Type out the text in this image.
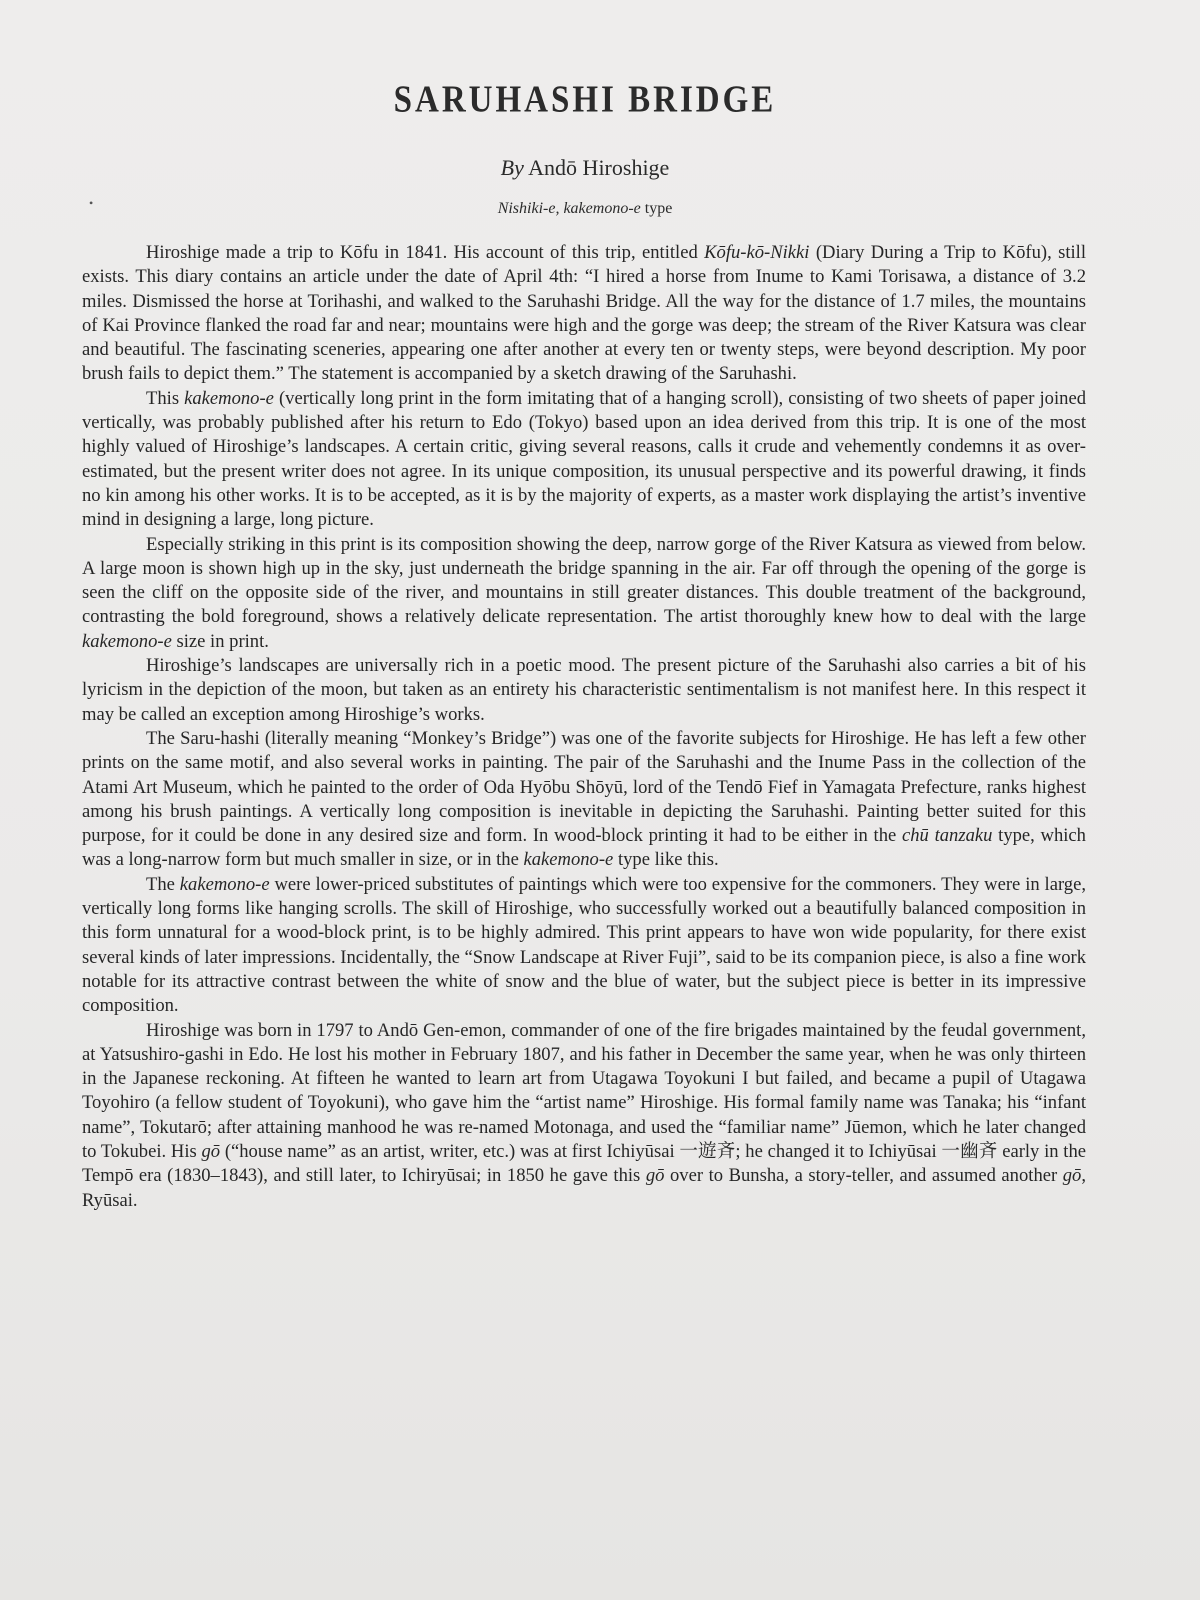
SARUHASHI BRIDGE
By Andō Hiroshige
•	Nishiki-e, kakemono-e type

Hiroshige made a trip to Kōfu in 1841. His account of this trip, entitled Kōfu-kō-Nikki (Diary During a Trip to Kōfu), still exists. This diary contains an article under the date of April 4th: “I hired a horse from Inume to Kami Torisawa, a distance of 3.2 miles. Dismissed the horse at Torihashi, and walked to the Saruhashi Bridge. All the way for the distance of 1.7 miles, the mountains of Kai Province flanked the road far and near; mountains were high and the gorge was deep; the stream of the River Katsura was clear and beautiful. The fascinating sceneries, appearing one after another at every ten or twenty steps, were beyond description. My poor brush fails to depict them.” The statement is accompanied by a sketch drawing of the Saruhashi.

This kakemono-e (vertically long print in the form imitating that of a hanging scroll), consisting of two sheets of paper joined vertically, was probably published after his return to Edo (Tokyo) based upon an idea derived from this trip. It is one of the most highly valued of Hiroshige’s landscapes. A certain critic, giving several reasons, calls it crude and vehemently condemns it as over-estimated, but the present writer does not agree. In its unique composition, its unusual perspective and its powerful drawing, it finds no kin among his other works. It is to be accepted, as it is by the majority of experts, as a master work displaying the artist’s inventive mind in designing a large, long picture.

Especially striking in this print is its composition showing the deep, narrow gorge of the River Katsura as viewed from below. A large moon is shown high up in the sky, just underneath the bridge spanning in the air. Far off through the opening of the gorge is seen the cliff on the opposite side of the river, and mountains in still greater distances. This double treatment of the background, contrasting the bold foreground, shows a relatively delicate representation. The artist thoroughly knew how to deal with the large kakemono-e size in print.

Hiroshige’s landscapes are universally rich in a poetic mood. The present picture of the Saruhashi also carries a bit of his lyricism in the depiction of the moon, but taken as an entirety his characteristic sentimentalism is not manifest here. In this respect it may be called an exception among Hiroshige’s works.

The Saru-hashi (literally meaning “Monkey’s Bridge”) was one of the favorite subjects for Hiroshige. He has left a few other prints on the same motif, and also several works in painting. The pair of the Saruhashi and the Inume Pass in the collection of the Atami Art Museum, which he painted to the order of Oda Hyōbu Shōyū, lord of the Tendō Fief in Yamagata Prefecture, ranks highest among his brush paintings. A vertically long composition is inevitable in depicting the Saruhashi. Painting better suited for this purpose, for it could be done in any desired size and form. In wood-block printing it had to be either in the chū tanzaku type, which was a long-narrow form but much smaller in size, or in the kakemono-e type like this.

The kakemono-e were lower-priced substitutes of paintings which were too expensive for the commoners. They were in large, vertically long forms like hanging scrolls. The skill of Hiroshige, who successfully worked out a beautifully balanced composition in this form unnatural for a wood-block print, is to be highly admired. This print appears to have won wide popularity, for there exist several kinds of later impressions. Incidentally, the “Snow Landscape at River Fuji”, said to be its companion piece, is also a fine work notable for its attractive contrast between the white of snow and the blue of water, but the subject piece is better in its impressive composition.

Hiroshige was born in 1797 to Andō Gen-emon, commander of one of the fire brigades maintained by the feudal government, at Yatsushiro-gashi in Edo. He lost his mother in February 1807, and his father in December the same year, when he was only thirteen in the Japanese reckoning. At fifteen he wanted to learn art from Utagawa Toyokuni I but failed, and became a pupil of Utagawa Toyohiro (a fellow student of Toyokuni), who gave him the “artist name” Hiroshige. His formal family name was Tanaka; his “infant name”, Tokutarō; after attaining manhood he was re-named Motonaga, and used the “familiar name” Jūemon, which he later changed to Tokubei. His gō (“house name” as an artist, writer, etc.) was at first Ichiyūsai 一遊斉; he changed it to Ichiyūsai 一幽斉 early in the Tempō era (1830–1843), and still later, to Ichiryūsai; in 1850 he gave this gō over to Bunsha, a story-teller, and assumed another gō, Ryūsai.
